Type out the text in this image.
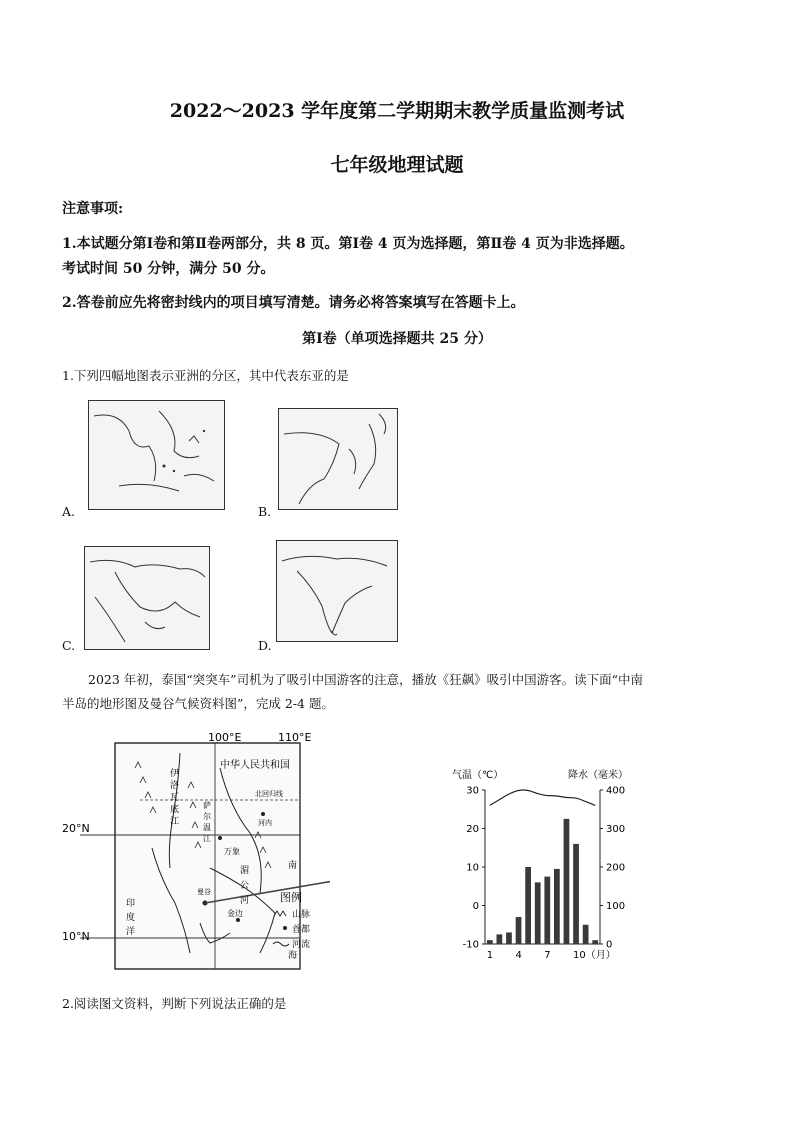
2022～2023 学年度第二学期期末教学质量监测考试
七年级地理试题
注意事项:
1.本试题分第Ⅰ卷和第Ⅱ卷两部分，共 8 页。第Ⅰ卷 4 页为选择题，第Ⅱ卷 4 页为非选择题。
考试时间 50 分钟，满分 50 分。
2.答卷前应先将密封线内的项目填写清楚。请务必将答案填写在答题卡上。
第Ⅰ卷（单项选择题共 25 分）
1.下列四幅地图表示亚洲的分区，其中代表东亚的是
A.	B.
C.	D.
2023 年初，泰国“突突车”司机为了吸引中国游客的注意，播放《狂飙》吸引中国游客。读下面“中南
半岛的地形图及曼谷气候资料图”，完成 2-4 题。
100°E	110°E
20°N
10°N
中华人民共和国
北回归线
伊
洛
瓦
底
江
萨
尔
温
江
河内
万象
湄
公
河
曼谷
金边
印
度
洋
南
海
图例
山脉
首都
河流
气温（℃）	降水（毫米）
30
20
10
0
-10
400
300
200
100
0
1 4 7 10（月）
2.阅读图文资料，判断下列说法正确的是
